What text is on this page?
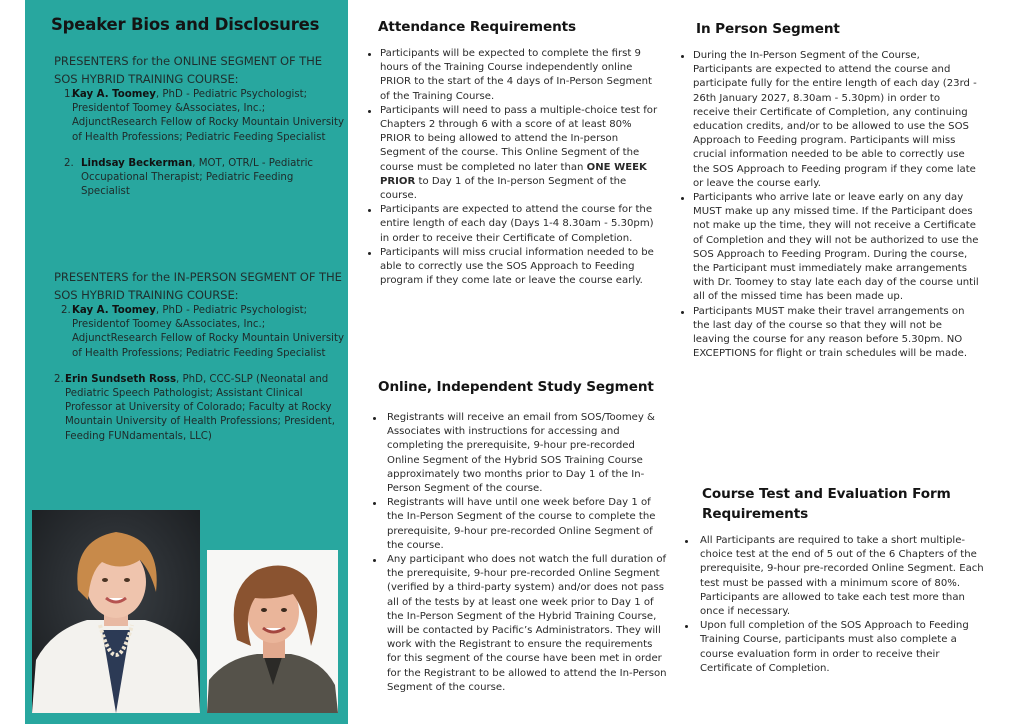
Speaker Bios and Disclosures

PRESENTERS for the ONLINE SEGMENT OF THE SOS HYBRID TRAINING COURSE:

1.
Kay A. Toomey, PhD - Pediatric Psychologist; Presidentof Toomey &Associates, Inc.; AdjunctResearch Fellow of Rocky Mountain University of Health Professions; Pediatric Feeding Specialist
2. Lindsay Beckerman, MOT, OTR/L - Pediatric Occupational Therapist; Pediatric Feeding Specialist

PRESENTERS for the IN-PERSON SEGMENT OF THE SOS HYBRID TRAINING COURSE:

2. Kay A. Toomey, PhD - Pediatric Psychologist; Presidentof Toomey &Associates, Inc.; AdjunctResearch Fellow of Rocky Mountain University of Health Professions; Pediatric Feeding Specialist
2. Erin Sundseth Ross, PhD, CCC-SLP (Neonatal and Pediatric Speech Pathologist; Assistant Clinical Professor at University of Colorado; Faculty at Rocky Mountain University of Health Professions; President, Feeding FUNdamentals, LLC)
Attendance Requirements
Participants will be expected to complete the first 9 hours of the Training Course independently online PRIOR to the start of the 4 days of In-Person Segment of the Training Course.
Participants will need to pass a multiple-choice test for Chapters 2 through 6 with a score of at least 80% PRIOR to being allowed to attend the In-person Segment of the course. This Online Segment of the course must be completed no later than ONE WEEK PRIOR to Day 1 of the In-person Segment of the course.
Participants are expected to attend the course for the entire length of each day (Days 1-4 8.30am - 5.30pm) in order to receive their Certificate of Completion.
Participants will miss crucial information needed to be able to correctly use the SOS Approach to Feeding program if they come late or leave the course early.
Online, Independent Study Segment
Registrants will receive an email from SOS/Toomey & Associates with instructions for accessing and completing the prerequisite, 9-hour pre-recorded Online Segment of the Hybrid SOS Training Course approximately two months prior to Day 1 of the In-Person Segment of the course.
Registrants will have until one week before Day 1 of the In-Person Segment of the course to complete the prerequisite, 9-hour pre-recorded Online Segment of the course.
Any participant who does not watch the full duration of the prerequisite, 9-hour pre-recorded Online Segment (verified by a third-party system) and/or does not pass all of the tests by at least one week prior to Day 1 of the In-Person Segment of the Hybrid Training Course, will be contacted by Pacific’s Administrators. They will work with the Registrant to ensure the requirements for this segment of the course have been met in order for the Registrant to be allowed to attend the In-Person Segment of the course.
In Person Segment
During the In-Person Segment of the Course, Participants are expected to attend the course and participate fully for the entire length of each day (23rd - 26th January 2027, 8.30am - 5.30pm) in order to receive their Certificate of Completion, any continuing education credits, and/or to be allowed to use the SOS Approach to Feeding program. Participants will miss crucial information needed to be able to correctly use the SOS Approach to Feeding program if they come late or leave the course early.
Participants who arrive late or leave early on any day MUST make up any missed time. If the Participant does not make up the time, they will not receive a Certificate of Completion and they will not be authorized to use the SOS Approach to Feeding Program. During the course, the Participant must immediately make arrangements with Dr. Toomey to stay late each day of the course until all of the missed time has been made up.
Participants MUST make their travel arrangements on the last day of the course so that they will not be leaving the course for any reason before 5.30pm. NO EXCEPTIONS for flight or train schedules will be made.
Course Test and Evaluation Form Requirements
All Participants are required to take a short multiple-choice test at the end of 5 out of the 6 Chapters of the prerequisite, 9-hour pre-recorded Online Segment. Each test must be passed with a minimum score of 80%. Participants are allowed to take each test more than once if necessary.
Upon full completion of the SOS Approach to Feeding Training Course, participants must also complete a course evaluation form in order to receive their Certificate of Completion.
